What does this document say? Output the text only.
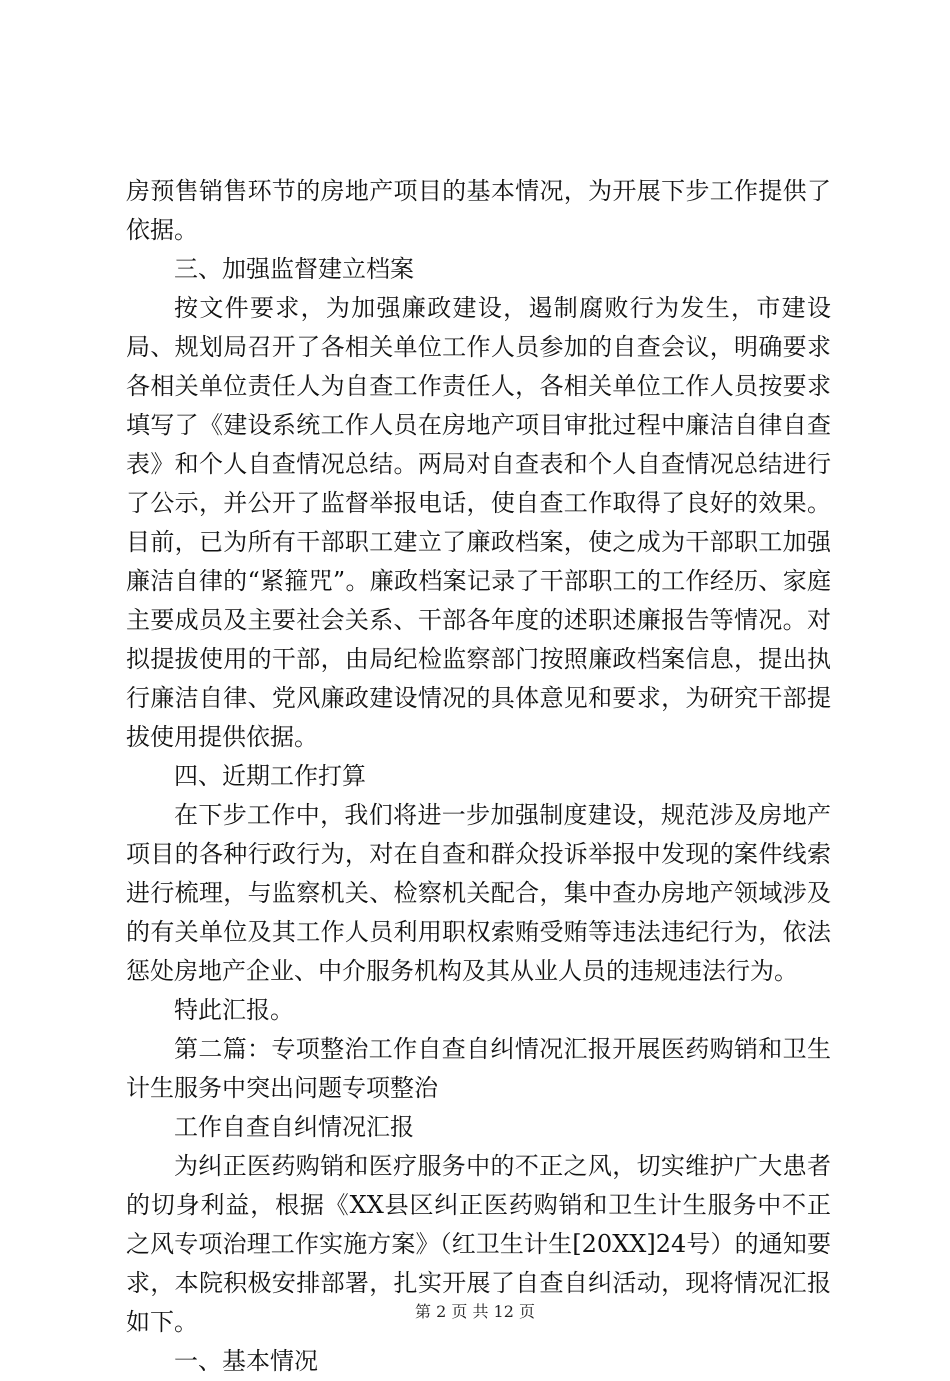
房预售销售环节的房地产项目的基本情况，为开展下步工作提供了依据。

三、加强监督建立档案

按文件要求，为加强廉政建设，遏制腐败行为发生，市建设局、规划局召开了各相关单位工作人员参加的自查会议，明确要求各相关单位责任人为自查工作责任人，各相关单位工作人员按要求填写了《建设系统工作人员在房地产项目审批过程中廉洁自律自查表》和个人自查情况总结。两局对自查表和个人自查情况总结进行了公示，并公开了监督举报电话，使自查工作取得了良好的效果。目前，已为所有干部职工建立了廉政档案，使之成为干部职工加强廉洁自律的“紧箍咒”。廉政档案记录了干部职工的工作经历、家庭主要成员及主要社会关系、干部各年度的述职述廉报告等情况。对拟提拔使用的干部，由局纪检监察部门按照廉政档案信息，提出执行廉洁自律、党风廉政建设情况的具体意见和要求，为研究干部提拔使用提供依据。

四、近期工作打算

在下步工作中，我们将进一步加强制度建设，规范涉及房地产项目的各种行政行为，对在自查和群众投诉举报中发现的案件线索进行梳理，与监察机关、检察机关配合，集中查办房地产领域涉及的有关单位及其工作人员利用职权索贿受贿等违法违纪行为，依法惩处房地产企业、中介服务机构及其从业人员的违规违法行为。

特此汇报。

第二篇：专项整治工作自查自纠情况汇报开展医药购销和卫生计生服务中突出问题专项整治

工作自查自纠情况汇报

为纠正医药购销和医疗服务中的不正之风，切实维护广大患者的切身利益，根据《XX县区纠正医药购销和卫生计生服务中不正之风专项治理工作实施方案》（红卫生计生[20XX]24号）的通知要求，本院积极安排部署，扎实开展了自查自纠活动，现将情况汇报如下。

一、基本情况

第 2 页 共 12 页
